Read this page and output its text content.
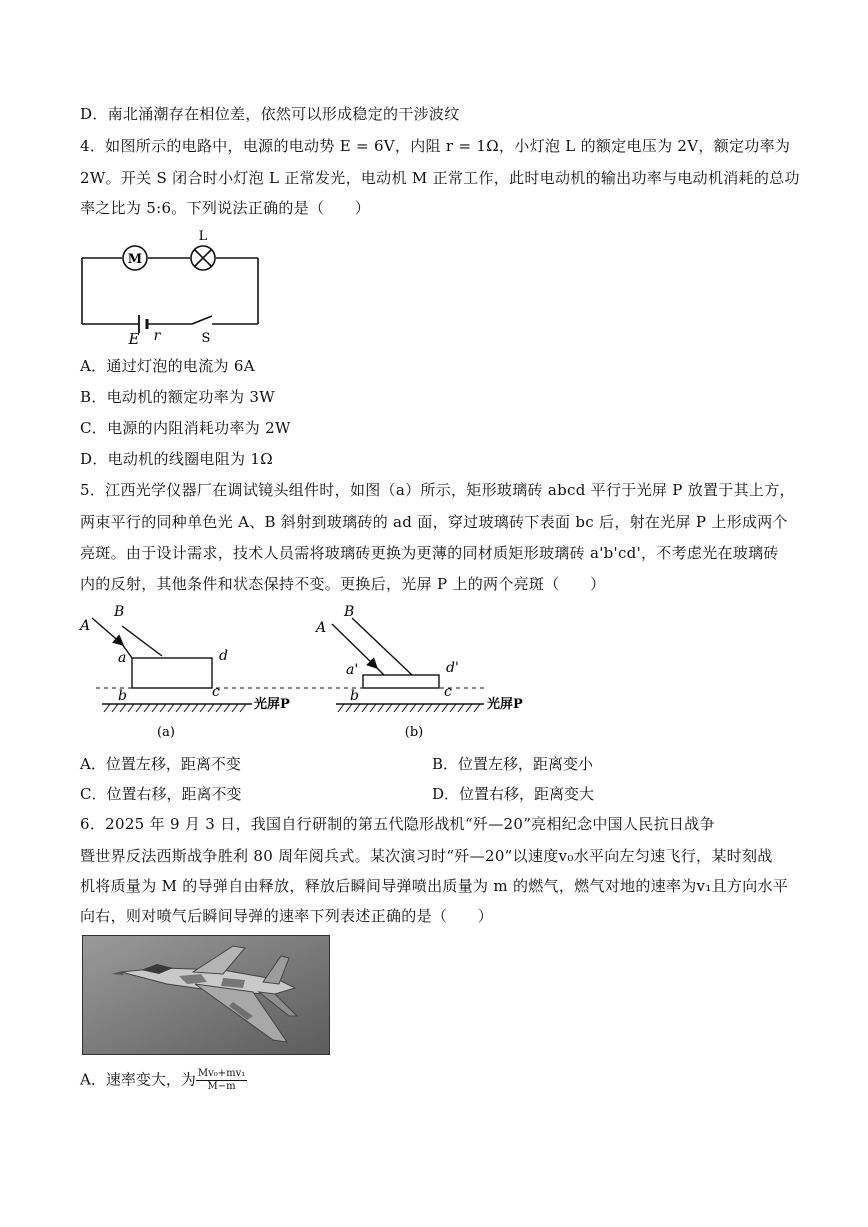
D．南北涌潮存在相位差，依然可以形成稳定的干涉波纹
4．如图所示的电路中，电源的电动势 E = 6V，内阻 r = 1Ω，小灯泡 L 的额定电压为 2V，额定功率为
2W。开关 S 闭合时小灯泡 L 正常发光，电动机 M 正常工作，此时电动机的输出功率与电动机消耗的总功
率之比为 5:6。下列说法正确的是（　　）
M
L
E r	S
A．通过灯泡的电流为 6A
B．电动机的额定功率为 3W
C．电源的内阻消耗功率为 2W
D．电动机的线圈电阻为 1Ω
5．江西光学仪器厂在调试镜头组件时，如图（a）所示，矩形玻璃砖 abcd 平行于光屏 P 放置于其上方，
两束平行的同种单色光 A、B 斜射到玻璃砖的 ad 面，穿过玻璃砖下表面 bc 后，射在光屏 P 上形成两个
亮斑。由于设计需求，技术人员需将玻璃砖更换为更薄的同材质矩形玻璃砖 a'b'cd'，不考虑光在玻璃砖
内的反射，其他条件和状态保持不变。更换后，光屏 P 上的两个亮斑（　　）
A
B
a	d
b	c
光屏P
(a)
A
B
a'	d'
b	c
光屏P
(b)
A．位置左移，距离不变	B．位置左移，距离变小
C．位置右移，距离不变	D．位置右移，距离变大
6．2025 年 9 月 3 日，我国自行研制的第五代隐形战机“歼—20”亮相纪念中国人民抗日战争
暨世界反法西斯战争胜利 80 周年阅兵式。某次演习时“歼—20”以速度v₀水平向左匀速飞行，某时刻战
机将质量为 M 的导弹自由释放，释放后瞬间导弹喷出质量为 m 的燃气，燃气对地的速率为v₁且方向水平
向右，则对喷气后瞬间导弹的速率下列表述正确的是（　　）
A．速率变大，为 $\frac{\text{Mv₀+mv₁}}{M-m}$
